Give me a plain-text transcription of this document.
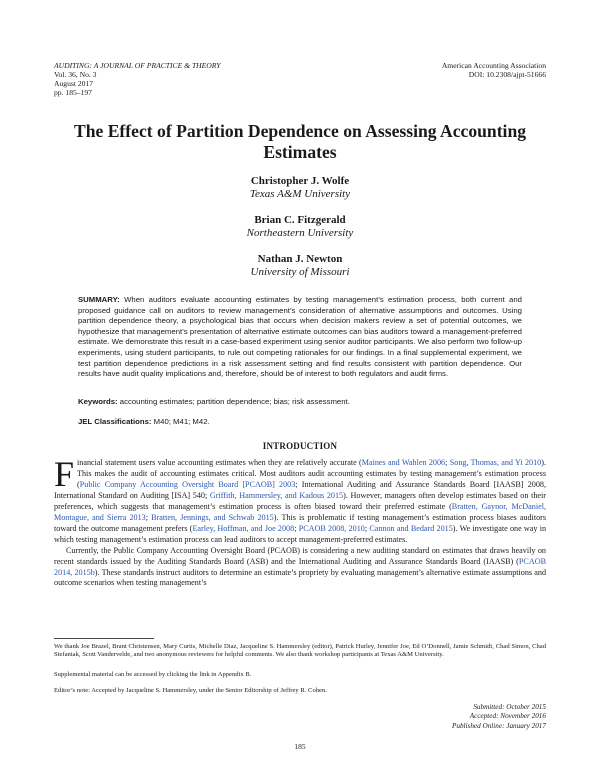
AUDITING: A JOURNAL OF PRACTICE & THEORY
Vol. 36, No. 3
August 2017
pp. 185–197
American Accounting Association
DOI: 10.2308/ajpt-51666
The Effect of Partition Dependence on Assessing Accounting Estimates
Christopher J. Wolfe
Texas A&M University
Brian C. Fitzgerald
Northeastern University
Nathan J. Newton
University of Missouri
SUMMARY: When auditors evaluate accounting estimates by testing management’s estimation process, both current and proposed guidance call on auditors to review management’s consideration of alternative assumptions and outcomes. Using partition dependence theory, a psychological bias that occurs when decision makers review a set of potential outcomes, we hypothesize that management’s presentation of alternative estimate outcomes can bias auditors toward a management-preferred estimate. We demonstrate this result in a case-based experiment using senior auditor participants. We also perform two follow-up experiments, using student participants, to rule out competing rationales for our findings. In a final supplemental experiment, we test partition dependence predictions in a risk assessment setting and find results consistent with partition dependence. Our results have audit quality implications and, therefore, should be of interest to both regulators and audit firms.
Keywords: accounting estimates; partition dependence; bias; risk assessment.
JEL Classifications: M40; M41; M42.
INTRODUCTION

Financial statement users value accounting estimates when they are relatively accurate (Maines and Wahlen 2006; Song, Thomas, and Yi 2010). This makes the audit of accounting estimates critical. Most auditors audit accounting estimates by testing management’s estimation process (Public Company Accounting Oversight Board [PCAOB] 2003; International Auditing and Assurance Standards Board [IAASB] 2008, International Standard on Auditing [ISA] 540; Griffith, Hammersley, and Kadous 2015). However, managers often develop estimates based on their preferences, which suggests that management’s estimation process is often biased toward their preferred estimate (Bratten, Gaynor, McDaniel, Montague, and Sierra 2013; Bratten, Jennings, and Schwab 2015). This is problematic if testing management’s estimation process biases auditors toward the outcome management prefers (Earley, Hoffman, and Joe 2008; PCAOB 2008, 2010; Cannon and Bedard 2015). We investigate one way in which testing management’s estimation process can lead auditors to accept management-preferred estimates.

Currently, the Public Company Accounting Oversight Board (PCAOB) is considering a new auditing standard on estimates that draws heavily on recent standards issued by the Auditing Standards Board (ASB) and the International Auditing and Assurance Standards Board (IAASB) (PCAOB 2014, 2015b). These standards instruct auditors to determine an estimate’s propriety by evaluating management’s alternative estimate assumptions and outcome scenarios when testing management’s

We thank Joe Brazel, Brant Christensen, Mary Curtis, Michelle Diaz, Jacqueline S. Hammersley (editor), Patrick Hurley, Jennifer Joe, Ed O’Donnell, Jamie Schmidt, Chad Simon, Chad Stefaniak, Scott Vandervelde, and two anonymous reviewers for helpful comments. We also thank workshop participants at Texas A&M University.
Supplemental material can be accessed by clicking the link in Appendix B.
Editor’s note: Accepted by Jacqueline S. Hammersley, under the Senior Editorship of Jeffrey R. Cohen.
Submitted: October 2015
Accepted: November 2016
Published Online: January 2017
185
